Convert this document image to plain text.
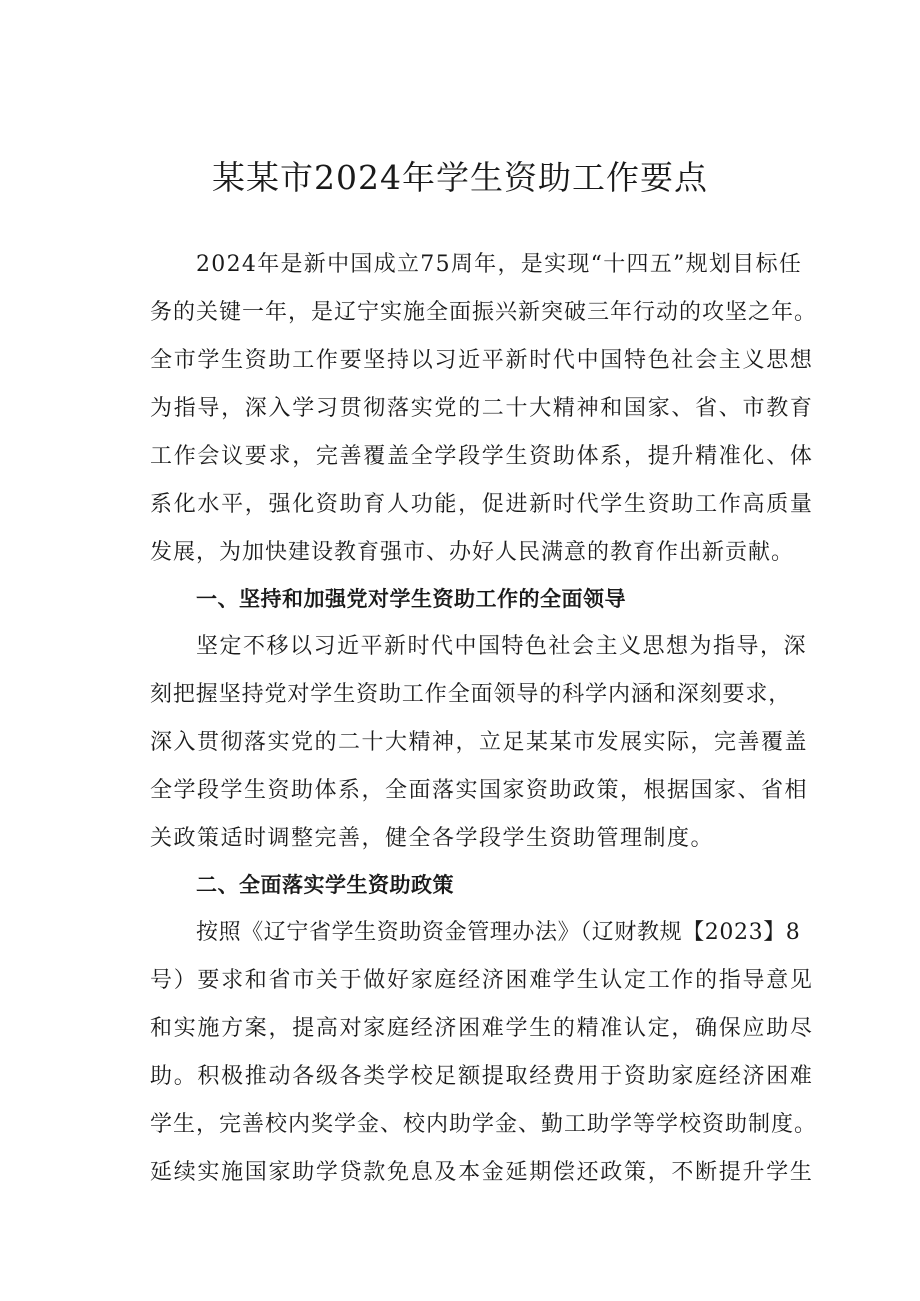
某某市2024年学生资助工作要点
2024年是新中国成立75周年，是实现“十四五”规划目标任
务的关键一年，是辽宁实施全面振兴新突破三年行动的攻坚之年。
全市学生资助工作要坚持以习近平新时代中国特色社会主义思想
为指导，深入学习贯彻落实党的二十大精神和国家、省、市教育
工作会议要求，完善覆盖全学段学生资助体系，提升精准化、体
系化水平，强化资助育人功能，促进新时代学生资助工作高质量
发展，为加快建设教育强市、办好人民满意的教育作出新贡献。
一、坚持和加强党对学生资助工作的全面领导
坚定不移以习近平新时代中国特色社会主义思想为指导，深
刻把握坚持党对学生资助工作全面领导的科学内涵和深刻要求，
深入贯彻落实党的二十大精神，立足某某市发展实际，完善覆盖
全学段学生资助体系，全面落实国家资助政策，根据国家、省相
关政策适时调整完善，健全各学段学生资助管理制度。
二、全面落实学生资助政策
按照《辽宁省学生资助资金管理办法》（辽财教规【2023】8
号）要求和省市关于做好家庭经济困难学生认定工作的指导意见
和实施方案，提高对家庭经济困难学生的精准认定，确保应助尽
助。积极推动各级各类学校足额提取经费用于资助家庭经济困难
学生，完善校内奖学金、校内助学金、勤工助学等学校资助制度。
延续实施国家助学贷款免息及本金延期偿还政策，不断提升学生
